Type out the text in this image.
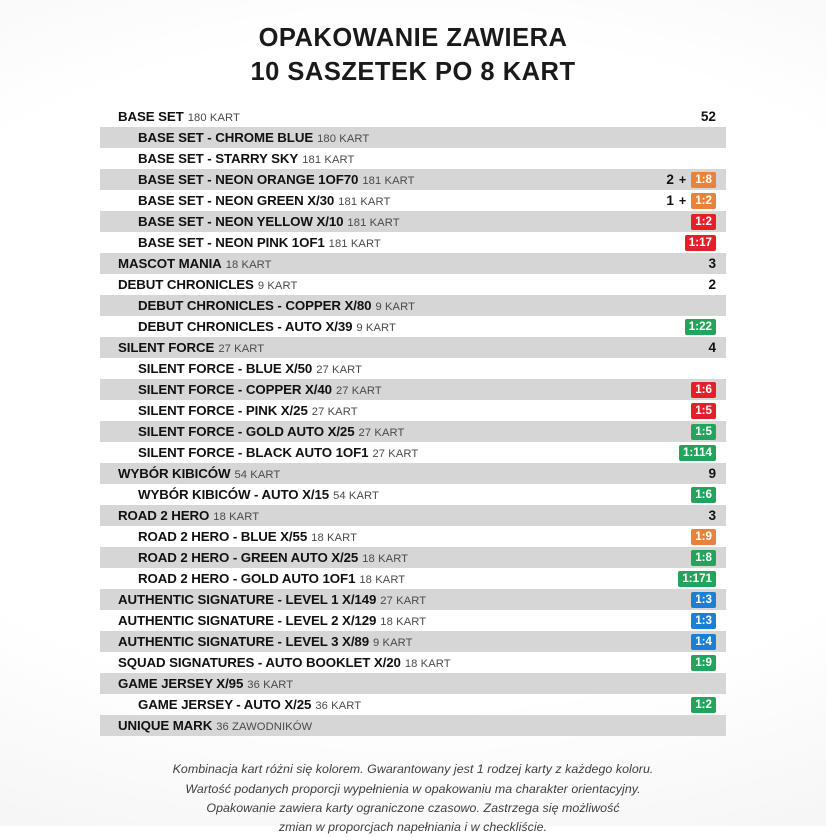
OPAKOWANIE ZAWIERA
10 SASZETEK PO 8 KART
BASE SET 180 KART	52
BASE SET - CHROME BLUE 180 KART
BASE SET - STARRY SKY 181 KART
BASE SET - NEON ORANGE 1OF70 181 KART	2 + 1:8
BASE SET - NEON GREEN X/30 181 KART	1 + 1:2
BASE SET - NEON YELLOW X/10 181 KART	1:2
BASE SET - NEON PINK 1OF1 181 KART	1:17
MASCOT MANIA 18 KART	3
DEBUT CHRONICLES 9 KART	2
DEBUT CHRONICLES - COPPER X/80 9 KART
DEBUT CHRONICLES - AUTO X/39 9 KART	1:22
SILENT FORCE 27 KART	4
SILENT FORCE - BLUE X/50 27 KART
SILENT FORCE - COPPER X/40 27 KART	1:6
SILENT FORCE - PINK X/25 27 KART	1:5
SILENT FORCE - GOLD AUTO X/25 27 KART	1:5
SILENT FORCE - BLACK AUTO 1OF1 27 KART	1:114
WYBÓR KIBICÓW 54 KART	9
WYBÓR KIBICÓW - AUTO X/15 54 KART	1:6
ROAD 2 HERO 18 KART	3
ROAD 2 HERO - BLUE X/55 18 KART	1:9
ROAD 2 HERO - GREEN AUTO X/25 18 KART	1:8
ROAD 2 HERO - GOLD AUTO 1OF1 18 KART	1:171
AUTHENTIC SIGNATURE - LEVEL 1 X/149 27 KART	1:3
AUTHENTIC SIGNATURE - LEVEL 2 X/129 18 KART	1:3
AUTHENTIC SIGNATURE - LEVEL 3 X/89 9 KART	1:4
SQUAD SIGNATURES - AUTO BOOKLET X/20 18 KART	1:9
GAME JERSEY X/95 36 KART
GAME JERSEY - AUTO X/25 36 KART	1:2
UNIQUE MARK 36 ZAWODNIKÓW

Kombinacja kart różni się kolorem. Gwarantowany jest 1 rodzej karty z każdego koloru.

Wartość podanych proporcji wypełnienia w opakowaniu ma charakter orientacyjny.

Opakowanie zawiera karty ograniczone czasowo. Zastrzega się możliwość

zmian w proporcjach napełniania i w checkliście.
